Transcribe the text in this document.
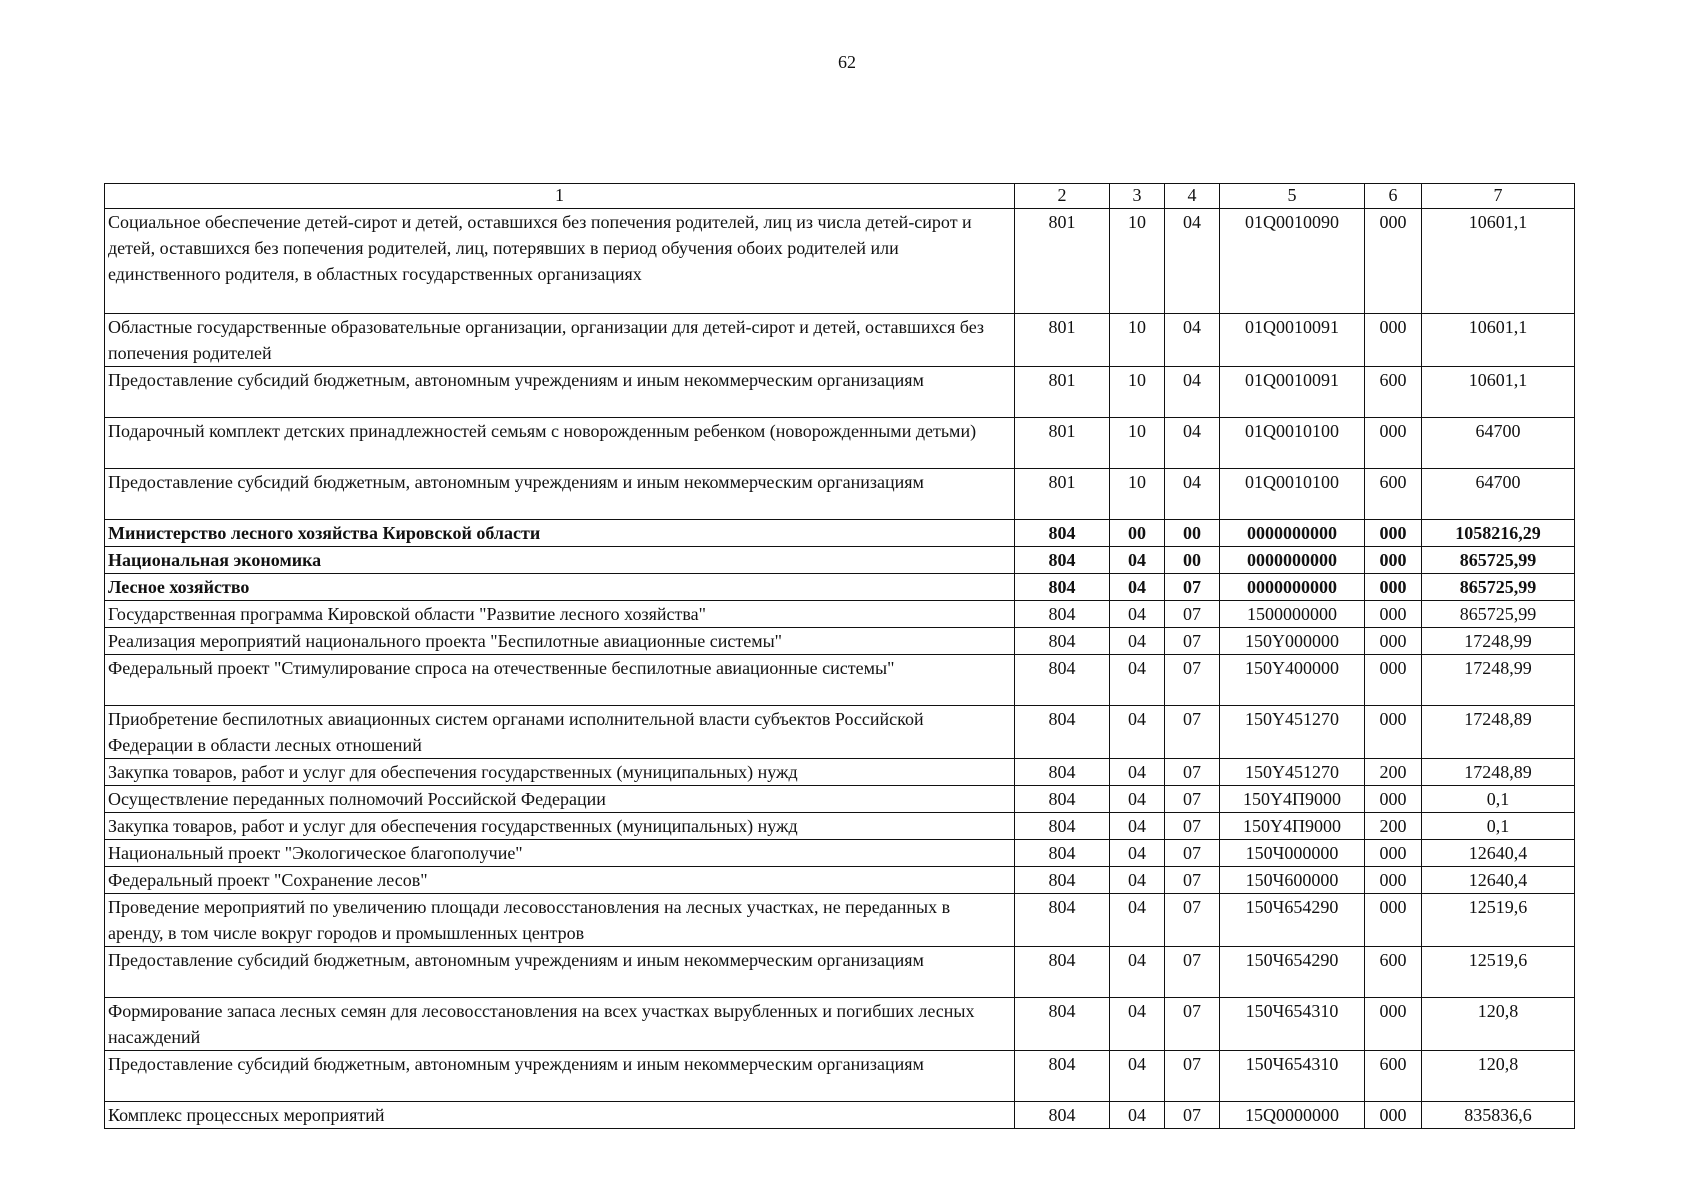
62
1	2	3	4	5	6	7
Социальное обеспечение детей-сирот и детей, оставшихся без попечения родителей, лиц из числа детей-сирот и детей, оставшихся без попечения родителей, лиц, потерявших в период обучения обоих родителей или единственного родителя, в областных государственных организациях	801	10	04	01Q0010090	000	10601,1
Областные государственные образовательные организации, организации для детей-сирот и детей, оставшихся без попечения родителей	801	10	04	01Q0010091	000	10601,1
Предоставление субсидий бюджетным, автономным учреждениям и иным некоммерческим организациям	801	10	04	01Q0010091	600	10601,1
Подарочный комплект детских принадлежностей семьям с новорожденным ребенком (новорожденными детьми)	801	10	04	01Q0010100	000	64700
Предоставление субсидий бюджетным, автономным учреждениям и иным некоммерческим организациям	801	10	04	01Q0010100	600	64700
Министерство лесного хозяйства Кировской области	804	00	00	0000000000	000	1058216,29
Национальная экономика	804	04	00	0000000000	000	865725,99
Лесное хозяйство	804	04	07	0000000000	000	865725,99
Государственная программа Кировской области "Развитие лесного хозяйства"	804	04	07	1500000000	000	865725,99
Реализация мероприятий национального проекта "Беспилотные авиационные системы"	804	04	07	150Y000000	000	17248,99
Федеральный проект "Стимулирование спроса на отечественные беспилотные авиационные системы"	804	04	07	150Y400000	000	17248,99
Приобретение беспилотных авиационных систем органами исполнительной власти субъектов Российской Федерации в области лесных отношений	804	04	07	150Y451270	000	17248,89
Закупка товаров, работ и услуг для обеспечения государственных (муниципальных) нужд	804	04	07	150Y451270	200	17248,89
Осуществление переданных полномочий Российской Федерации	804	04	07	150Y4П9000	000	0,1
Закупка товаров, работ и услуг для обеспечения государственных (муниципальных) нужд	804	04	07	150Y4П9000	200	0,1
Национальный проект "Экологическое благополучие"	804	04	07	150Ч000000	000	12640,4
Федеральный проект "Сохранение лесов"	804	04	07	150Ч600000	000	12640,4
Проведение мероприятий по увеличению площади лесовосстановления на лесных участках, не переданных в аренду, в том числе вокруг городов и промышленных центров	804	04	07	150Ч654290	000	12519,6
Предоставление субсидий бюджетным, автономным учреждениям и иным некоммерческим организациям	804	04	07	150Ч654290	600	12519,6
Формирование запаса лесных семян для лесовосстановления на всех участках вырубленных и погибших лесных насаждений	804	04	07	150Ч654310	000	120,8
Предоставление субсидий бюджетным, автономным учреждениям и иным некоммерческим организациям	804	04	07	150Ч654310	600	120,8
Комплекс процессных мероприятий	804	04	07	15Q0000000	000	835836,6
